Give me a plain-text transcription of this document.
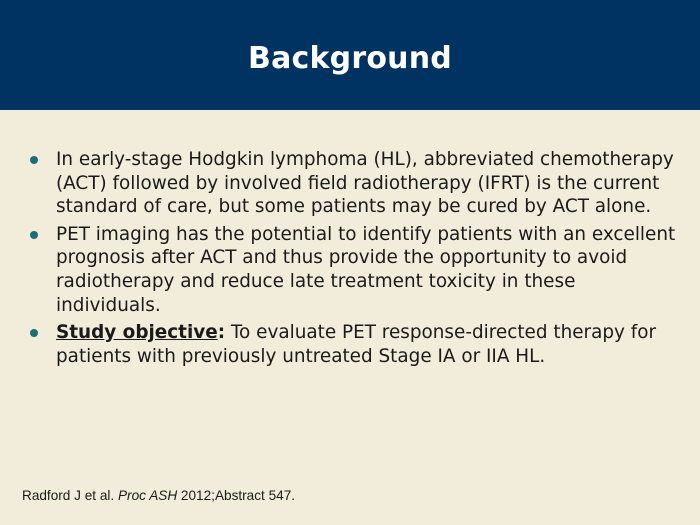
Background
In early-stage Hodgkin lymphoma (HL), abbreviated chemotherapy (ACT) followed by involved field radiotherapy (IFRT) is the current standard of care, but some patients may be cured by ACT alone.
PET imaging has the potential to identify patients with an excellent prognosis after ACT and thus provide the opportunity to avoid radiotherapy and reduce late treatment toxicity in these individuals.
Study objective: To evaluate PET response-directed therapy for patients with previously untreated Stage IA or IIA HL.
Radford J et al. Proc ASH 2012;Abstract 547.
